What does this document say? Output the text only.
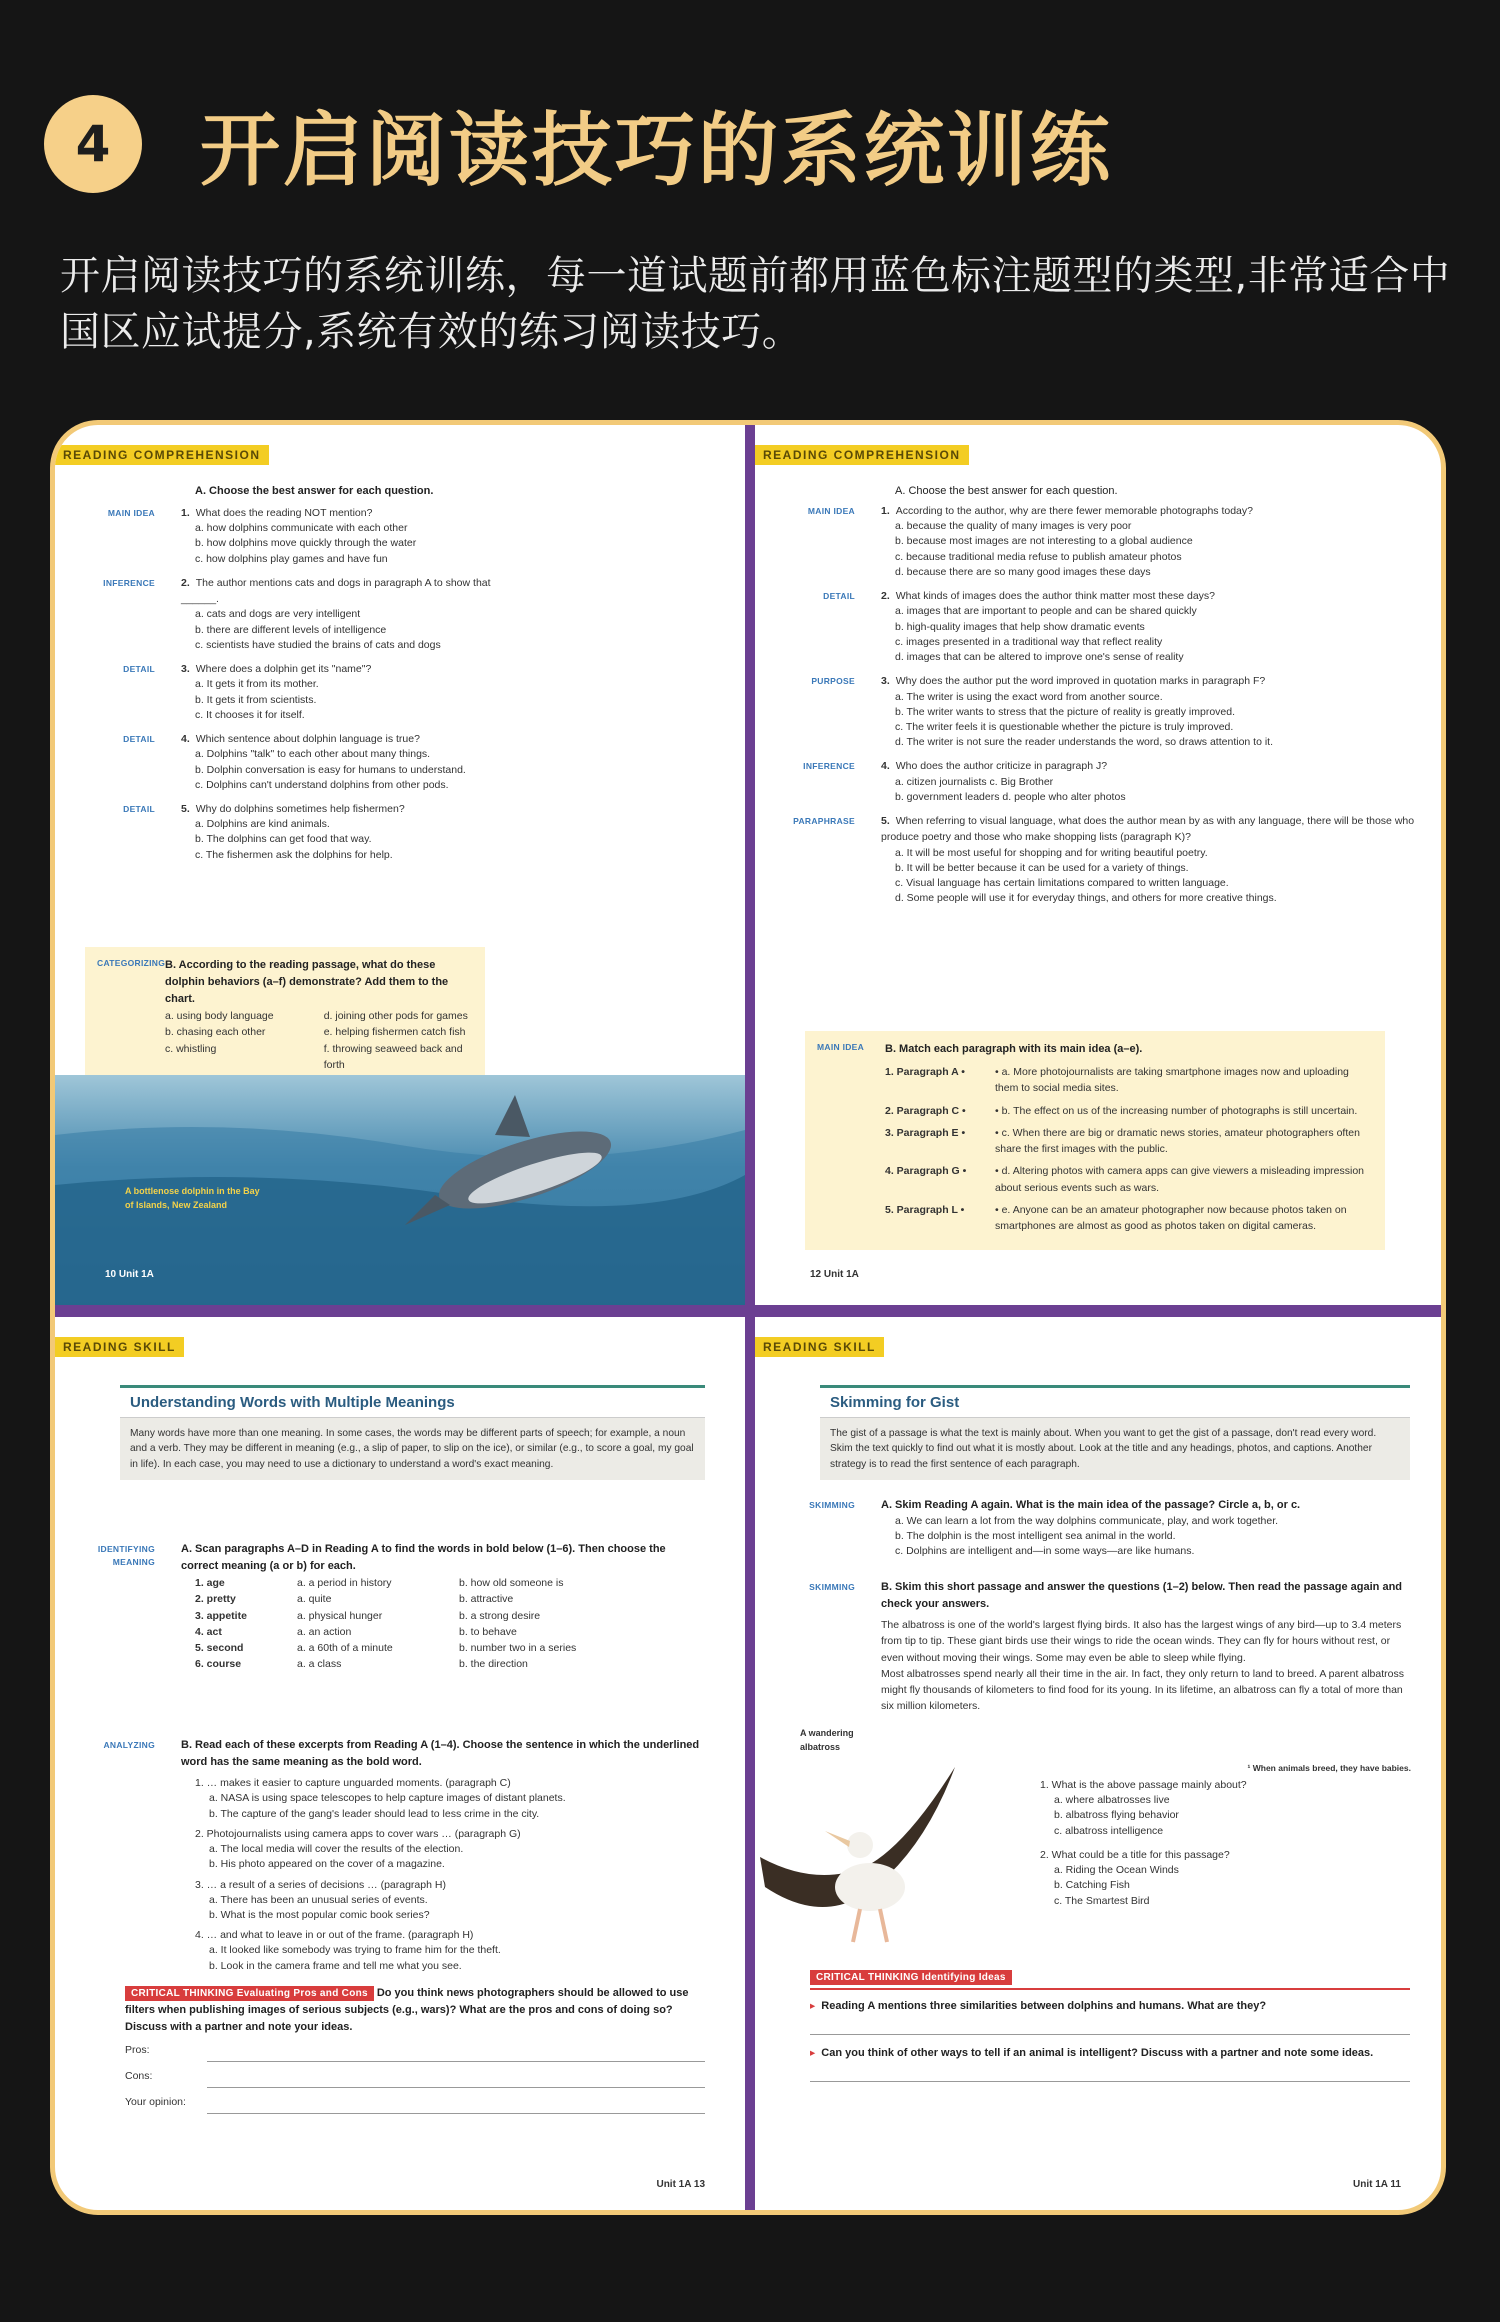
4	开启阅读技巧的系统训练
开启阅读技巧的系统训练，每一道试题前都用蓝色标注题型的类型,非常适合中国区应试提分,系统有效的练习阅读技巧。
READING COMPREHENSION
A. Choose the best answer for each question.
MAIN IDEA 1. What does the reading NOT mention?
a. how dolphins communicate with each other
b. how dolphins move quickly through the water
c. how dolphins play games and have fun
INFERENCE 2. The author mentions cats and dogs in paragraph A to show that ______.
a. cats and dogs are very intelligent
b. there are different levels of intelligence
c. scientists have studied the brains of cats and dogs
DETAIL 3. Where does a dolphin get its "name"?
a. It gets it from its mother.
b. It gets it from scientists.
c. It chooses it for itself.
DETAIL 4. Which sentence about dolphin language is true?
a. Dolphins "talk" to each other about many things.
b. Dolphin conversation is easy for humans to understand.
c. Dolphins can't understand dolphins from other pods.
DETAIL 5. Why do dolphins sometimes help fishermen?
a. Dolphins are kind animals.
b. The dolphins can get food that way.
c. The fishermen ask the dolphins for help.
CATEGORIZING B. According to the reading passage, what do these dolphin behaviors (a–f) demonstrate? Add them to the chart.
a. using body language
b. chasing each other
c. whistling
d. joining other pods for games
e. helping fishermen catch fish
f. throwing seaweed back and forth

A bottlenose dolphin in the Bay of Islands, New Zealand
10 Unit 1A
READING COMPREHENSION
A. Choose the best answer for each question.
MAIN IDEA 1. According to the author, why are there fewer memorable photographs today?
a. because the quality of many images is very poor
b. because most images are not interesting to a global audience
c. because traditional media refuse to publish amateur photos
d. because there are so many good images these days
DETAIL 2. What kinds of images does the author think matter most these days?
a. images that are important to people and can be shared quickly
b. high-quality images that help show dramatic events
c. images presented in a traditional way that reflect reality
d. images that can be altered to improve one's sense of reality
PURPOSE 3. Why does the author put the word improved in quotation marks in paragraph F?
a. The writer is using the exact word from another source.
b. The writer wants to stress that the picture of reality is greatly improved.
c. The writer feels it is questionable whether the picture is truly improved.
d. The writer is not sure the reader understands the word, so draws attention to it.
INFERENCE 4. Who does the author criticize in paragraph J?
a. citizen journalists c. Big Brother
b. government leaders d. people who alter photos
PARAPHRASE 5. When referring to visual language, what does the author mean by as with any language, there will be those who produce poetry and those who make shopping lists (paragraph K)?
a. It will be most useful for shopping and for writing beautiful poetry.
b. It will be better because it can be used for a variety of things.
c. Visual language has certain limitations compared to written language.
d. Some people will use it for everyday things, and others for more creative things.
MAIN IDEA	B. Match each paragraph with its main idea (a–e).
1. Paragraph A •	• a. More photojournalists are taking smartphone images now and uploading them to social media sites.
2. Paragraph C •	• b. The effect on us of the increasing number of photographs is still uncertain.
3. Paragraph E •	• c. When there are big or dramatic news stories, amateur photographers often share the first images with the public.
4. Paragraph G •	• d. Altering photos with camera apps can give viewers a misleading impression about serious events such as wars.
5. Paragraph L •	• e. Anyone can be an amateur photographer now because photos taken on smartphones are almost as good as photos taken on digital cameras.
12 Unit 1A
READING SKILL
Understanding Words with Multiple Meanings
Many words have more than one meaning. In some cases, the words may be different parts of speech; for example, a noun and a verb. They may be different in meaning (e.g., a slip of paper, to slip on the ice), or similar (e.g., to score a goal, my goal in life). In each case, you may need to use a dictionary to understand a word's exact meaning.
IDENTIFYING MEANING
A. Scan paragraphs A–D in Reading A to find the words in bold below (1–6). Then choose the correct meaning (a or b) for each.
1. age	a. a period in history	b. how old someone is
2. pretty	a. quite	b. attractive
3. appetite	a. physical hunger	b. a strong desire
4. act	a. an action	b. to behave
5. second	a. a 60th of a minute	b. number two in a series
6. course	a. a class	b. the direction
ANALYZING B. Read each of these excerpts from Reading A (1–4). Choose the sentence in which the underlined word has the same meaning as the bold word.
1. … makes it easier to capture unguarded moments. (paragraph C)
a. NASA is using space telescopes to help capture images of distant planets.
b. The capture of the gang's leader should lead to less crime in the city.
2. Photojournalists using camera apps to cover wars … (paragraph G)
a. The local media will cover the results of the election.
b. His photo appeared on the cover of a magazine.
3. … a result of a series of decisions … (paragraph H)
a. There has been an unusual series of events.
b. What is the most popular comic book series?
4. … and what to leave in or out of the frame. (paragraph H)
a. It looked like somebody was trying to frame him for the theft.
b. Look in the camera frame and tell me what you see.
CRITICAL THINKING Evaluating Pros and Cons Do you think news photographers should be allowed to use filters when publishing images of serious subjects (e.g., wars)? What are the pros and cons of doing so? Discuss with a partner and note your ideas.
Pros:
Cons:
Your opinion:
Unit 1A 13
READING SKILL
Skimming for Gist
The gist of a passage is what the text is mainly about. When you want to get the gist of a passage, don't read every word. Skim the text quickly to find out what it is mostly about. Look at the title and any headings, photos, and captions. Another strategy is to read the first sentence of each paragraph.
SKIMMING A. Skim Reading A again. What is the main idea of the passage? Circle a, b, or c.
a. We can learn a lot from the way dolphins communicate, play, and work together.
b. The dolphin is the most intelligent sea animal in the world.
c. Dolphins are intelligent and—in some ways—are like humans.
SKIMMING B. Skim this short passage and answer the questions (1–2) below. Then read the passage again and check your answers.
The albatross is one of the world's largest flying birds. It also has the largest wings of any bird—up to 3.4 meters from tip to tip. These giant birds use their wings to ride the ocean winds. They can fly for hours without rest, or even without moving their wings. Some may even be able to sleep while flying.
Most albatrosses spend nearly all their time in the air. In fact, they only return to land to breed. A parent albatross might fly thousands of kilometers to find food for its young. In its lifetime, an albatross can fly a total of more than six million kilometers.
¹ When animals breed, they have babies.
A wandering albatross
1. What is the above passage mainly about?
a. where albatrosses live
b. albatross flying behavior
c. albatross intelligence
2. What could be a title for this passage?
a. Riding the Ocean Winds
b. Catching Fish
c. The Smartest Bird
CRITICAL THINKING Identifying Ideas
▸ Reading A mentions three similarities between dolphins and humans. What are they?
▸ Can you think of other ways to tell if an animal is intelligent? Discuss with a partner and note some ideas.
Unit 1A 11
